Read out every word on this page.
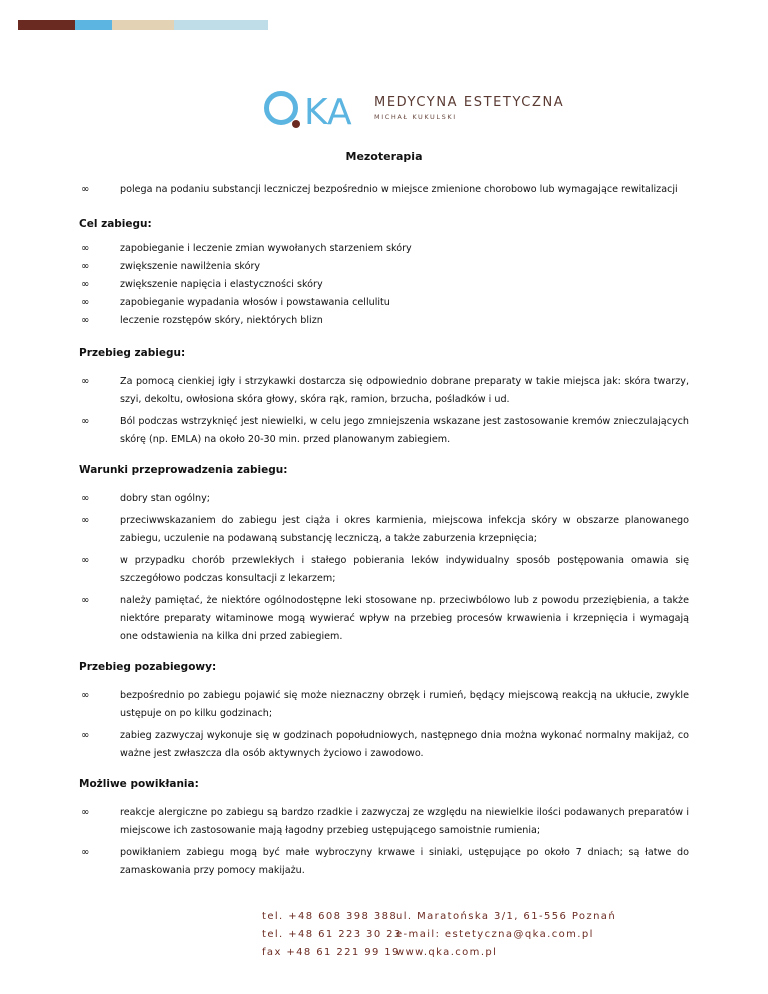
KA MEDYCYNA ESTETYCZNA
MICHAŁ KUKULSKI
Mezoterapia
∞	polega na podaniu substancji leczniczej bezpośrednio w miejsce zmienione chorobowo lub wymagające rewitalizacji
Cel zabiegu:
∞	zapobieganie i leczenie zmian wywołanych starzeniem skóry
∞	zwiększenie nawilżenia skóry
∞	zwiększenie napięcia i elastyczności skóry
∞	zapobieganie wypadania włosów i powstawania cellulitu
∞	leczenie rozstępów skóry, niektórych blizn
Przebieg zabiegu:
∞	Za pomocą cienkiej igły i strzykawki dostarcza się odpowiednio dobrane preparaty w takie miejsca jak: skóra twarzy, szyi, dekoltu, owłosiona skóra głowy, skóra rąk, ramion, brzucha, pośladków i ud.
∞	Ból podczas wstrzyknięć jest niewielki, w celu jego zmniejszenia wskazane jest zastosowanie kremów znieczulających skórę (np. EMLA) na około 20-30 min. przed planowanym zabiegiem.
Warunki przeprowadzenia zabiegu:
∞	dobry stan ogólny;
∞	przeciwwskazaniem do zabiegu jest ciąża i okres karmienia, miejscowa infekcja skóry w obszarze planowanego zabiegu, uczulenie na podawaną substancję leczniczą, a także zaburzenia krzepnięcia;
∞	w przypadku chorób przewlekłych i stałego pobierania leków indywidualny sposób postępowania omawia się szczegółowo podczas konsultacji z lekarzem;
∞	należy pamiętać, że niektóre ogólnodostępne leki stosowane np. przeciwbólowo lub z powodu przeziębienia, a także niektóre preparaty witaminowe mogą wywierać wpływ na przebieg procesów krwawienia i krzepnięcia i wymagają one odstawienia na kilka dni przed zabiegiem.
Przebieg pozabiegowy:
∞	bezpośrednio po zabiegu pojawić się może nieznaczny obrzęk i rumień, będący miejscową reakcją na ukłucie, zwykle ustępuje on po kilku godzinach;
∞	zabieg zazwyczaj wykonuje się w godzinach popołudniowych, następnego dnia można wykonać normalny makijaż, co ważne jest zwłaszcza dla osób aktywnych życiowo i zawodowo.
Możliwe powikłania:
∞	reakcje alergiczne po zabiegu są bardzo rzadkie i zazwyczaj ze względu na niewielkie ilości podawanych preparatów i miejscowe ich zastosowanie mają łagodny przebieg ustępującego samoistnie rumienia;
∞	powikłaniem zabiegu mogą być małe wybroczyny krwawe i siniaki, ustępujące po około 7 dniach; są łatwe do zamaskowania przy pomocy makijażu.
tel. +48 608 398 388
tel. +48 61 223 30 23
fax +48 61 221 99 19
ul. Maratońska 3/1, 61-556 Poznań
e-mail: estetyczna@qka.com.pl
www.qka.com.pl
